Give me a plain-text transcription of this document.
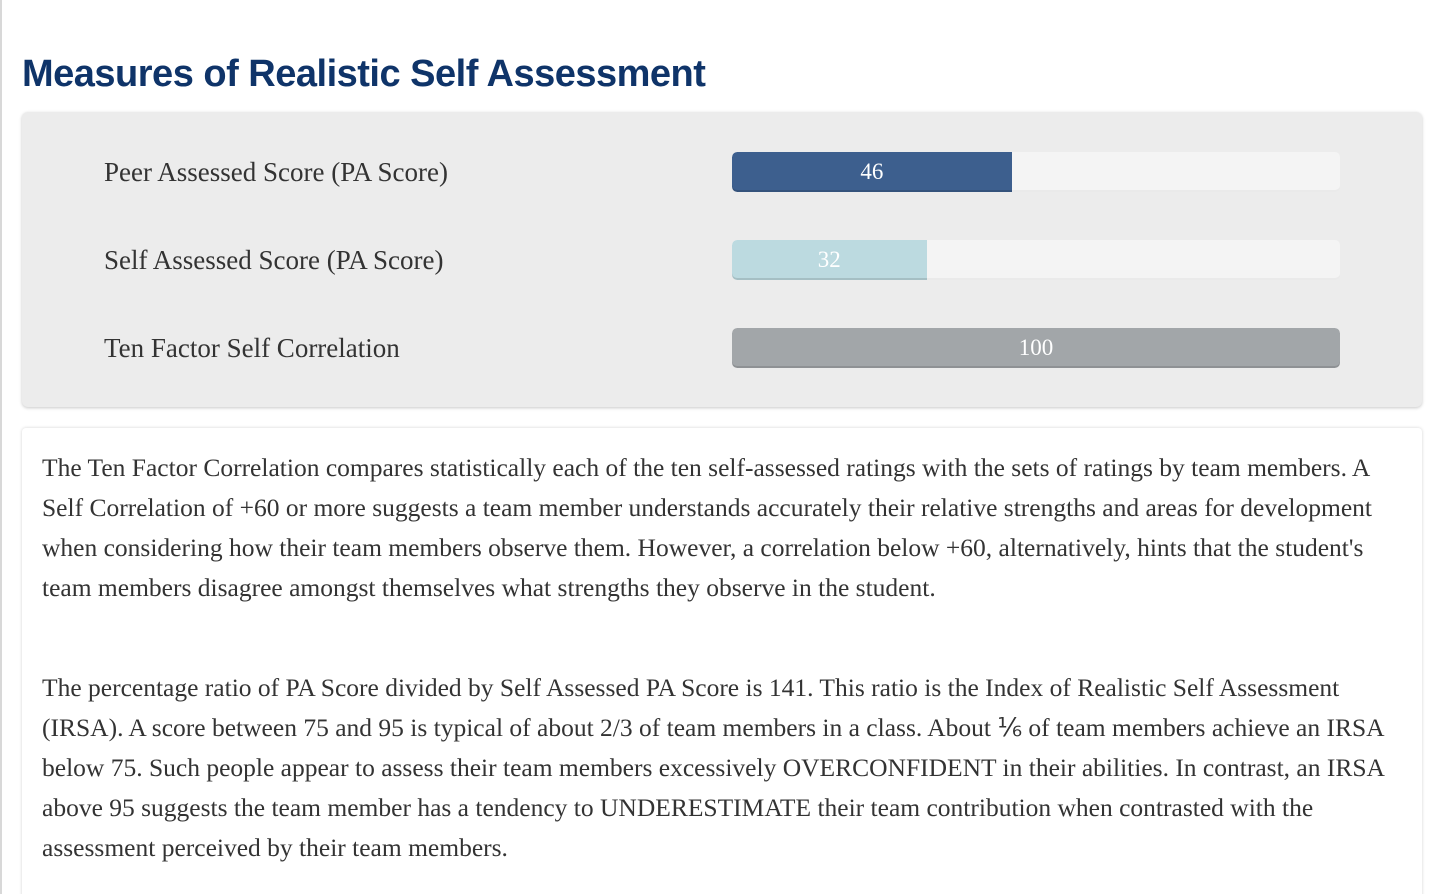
Measures of Realistic Self Assessment
Peer Assessed Score (PA Score)	46
Self Assessed Score (PA Score)	32
Ten Factor Self Correlation	100

The Ten Factor Correlation compares statistically each of the ten self-assessed ratings with the sets of ratings by team members. A Self Correlation of +60 or more suggests a team member understands accurately their relative strengths and areas for development when considering how their team members observe them. However, a correlation below +60, alternatively, hints that the student's team members disagree amongst themselves what strengths they observe in the student.

The percentage ratio of PA Score divided by Self Assessed PA Score is 141. This ratio is the Index of Realistic Self Assessment (IRSA). A score between 75 and 95 is typical of about 2/3 of team members in a class. About ⅙ of team members achieve an IRSA below 75. Such people appear to assess their team members excessively OVERCONFIDENT in their abilities. In contrast, an IRSA above 95 suggests the team member has a tendency to UNDERESTIMATE their team contribution when contrasted with the assessment perceived by their team members.
